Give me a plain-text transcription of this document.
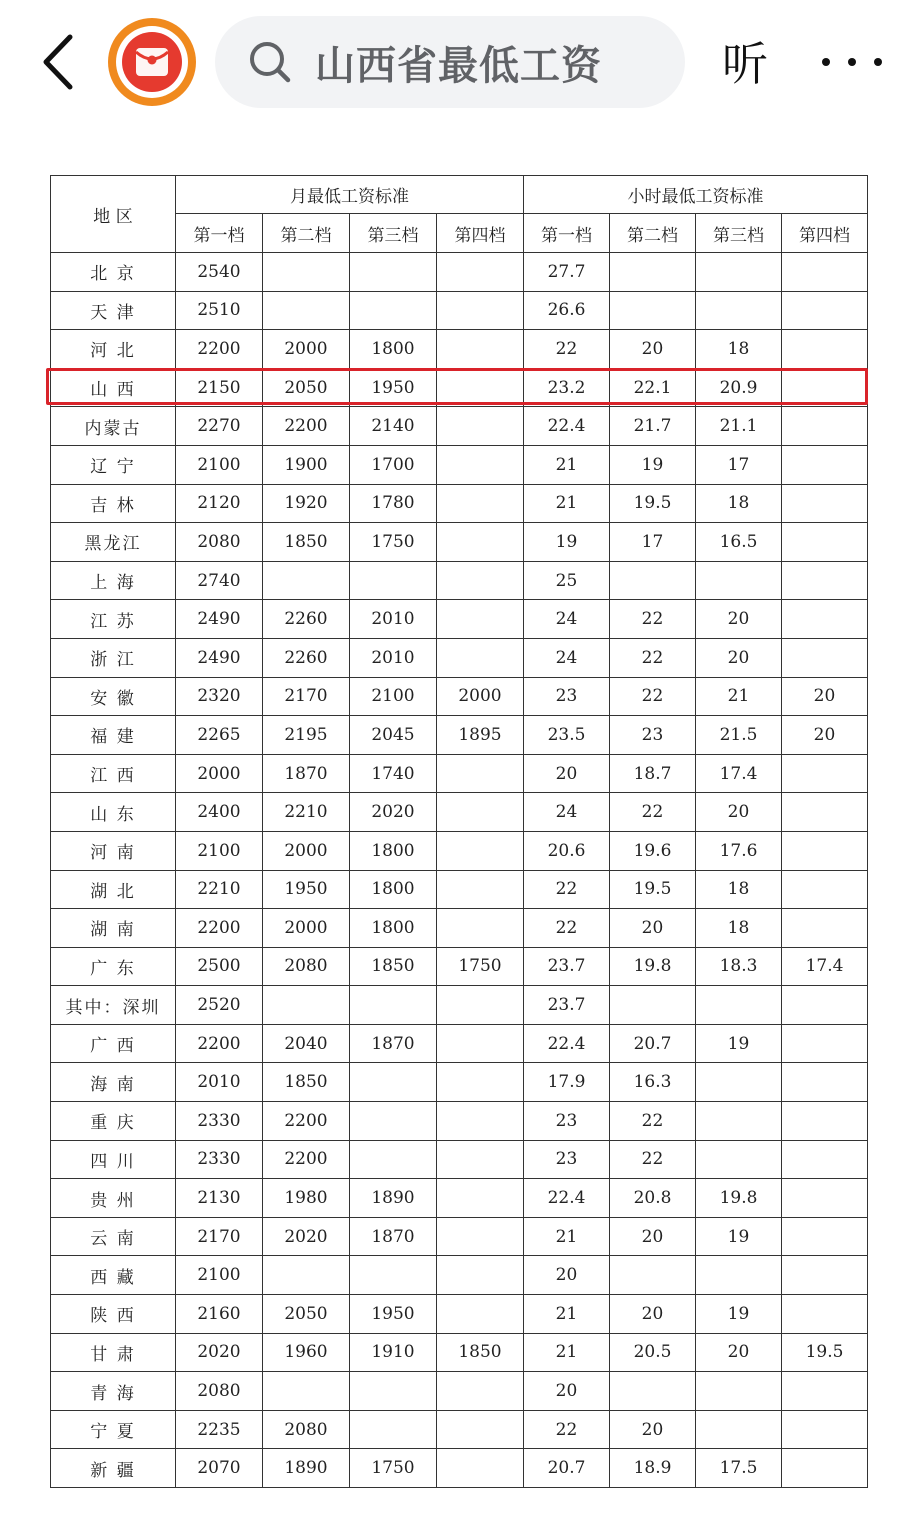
山西省最低工资	听
地 区	月最低工资标准				小时最低工资标准			
	第一档	第二档	第三档	第四档	第一档	第二档	第三档	第四档
北 京	2540				27.7			
天 津	2510				26.6			
河 北	2200	2000	1800		22	20	18	
山 西	2150	2050	1950		23.2	22.1	20.9	
内蒙古	2270	2200	2140		22.4	21.7	21.1	
辽 宁	2100	1900	1700		21	19	17	
吉 林	2120	1920	1780		21	19.5	18	
黑龙江	2080	1850	1750		19	17	16.5	
上 海	2740				25			
江 苏	2490	2260	2010		24	22	20	
浙 江	2490	2260	2010		24	22	20	
安 徽	2320	2170	2100	2000	23	22	21	20
福 建	2265	2195	2045	1895	23.5	23	21.5	20
江 西	2000	1870	1740		20	18.7	17.4	
山 东	2400	2210	2020		24	22	20	
河 南	2100	2000	1800		20.6	19.6	17.6	
湖 北	2210	1950	1800		22	19.5	18	
湖 南	2200	2000	1800		22	20	18	
广 东	2500	2080	1850	1750	23.7	19.8	18.3	17.4
其中：深圳	2520				23.7			
广 西	2200	2040	1870		22.4	20.7	19	
海 南	2010	1850			17.9	16.3		
重 庆	2330	2200			23	22		
四 川	2330	2200			23	22		
贵 州	2130	1980	1890		22.4	20.8	19.8	
云 南	2170	2020	1870		21	20	19	
西 藏	2100				20			
陕 西	2160	2050	1950		21	20	19	
甘 肃	2020	1960	1910	1850	21	20.5	20	19.5
青 海	2080				20			
宁 夏	2235	2080			22	20		
新 疆	2070	1890	1750		20.7	18.9	17.5	
